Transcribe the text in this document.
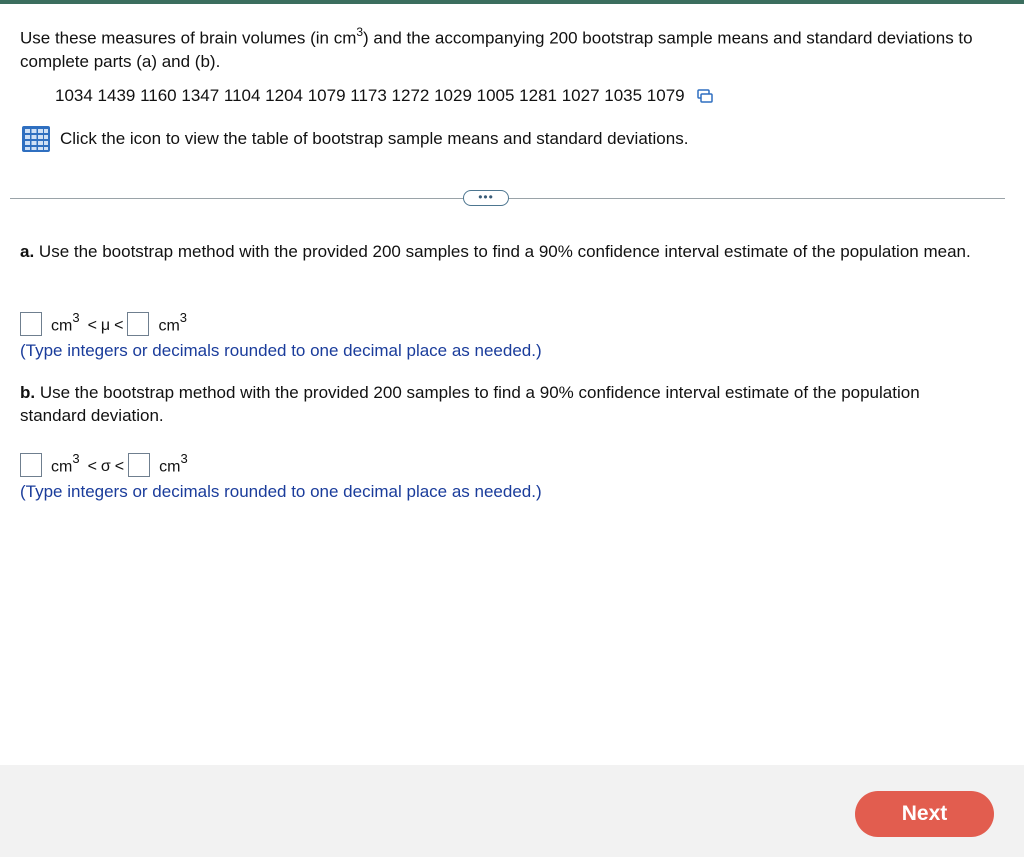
Use these measures of brain volumes (in $cm^3$) and the accompanying 200 bootstrap sample means and standard deviations to complete parts (a) and (b).
1034 1439 1160 1347 1104 1204 1079 1173 1272 1029 1005 1281 1027 1035 1079
Click the icon to view the table of bootstrap sample means and standard deviations.
•••
a. Use the bootstrap method with the provided 200 samples to find a 90% confidence interval estimate of the population mean.
$cm^3 < \mu < cm^3$
(Type integers or decimals rounded to one decimal place as needed.)
b. Use the bootstrap method with the provided 200 samples to find a 90% confidence interval estimate of the population standard deviation.
$cm^3 < \sigma < cm^3$
(Type integers or decimals rounded to one decimal place as needed.)
Next
